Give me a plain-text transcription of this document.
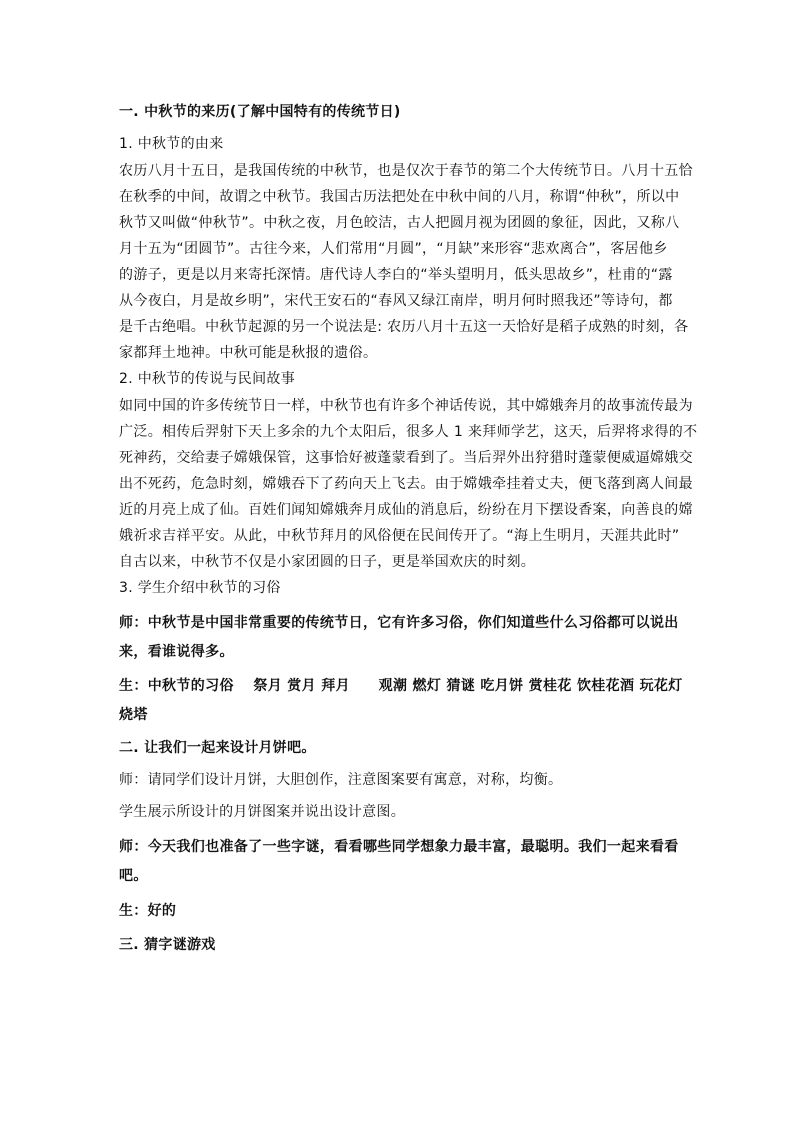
一. 中秋节的来历(了解中国特有的传统节日)

1. 中秋节的由来

农历八月十五日，是我国传统的中秋节，也是仅次于春节的第二个大传统节日。八月十五恰
在秋季的中间，故谓之中秋节。我国古历法把处在中秋中间的八月，称谓“仲秋”，所以中
秋节又叫做“仲秋节”。中秋之夜，月色皎洁，古人把圆月视为团圆的象征，因此，又称八
月十五为“团圆节”。古往今来，人们常用“月圆”，“月缺”来形容“悲欢离合”，客居他乡
的游子，更是以月来寄托深情。唐代诗人李白的“举头望明月，低头思故乡”，杜甫的“露
从今夜白，月是故乡明”，宋代王安石的“春风又绿江南岸，明月何时照我还”等诗句，都
是千古绝唱。中秋节起源的另一个说法是: 农历八月十五这一天恰好是稻子成熟的时刻，各
家都拜土地神。中秋可能是秋报的遗俗。

2. 中秋节的传说与民间故事

如同中国的许多传统节日一样，中秋节也有许多个神话传说，其中嫦娥奔月的故事流传最为
广泛。相传后羿射下天上多余的九个太阳后，很多人 1 来拜师学艺，这天，后羿将求得的不
死神药，交给妻子嫦娥保管，这事恰好被蓬蒙看到了。当后羿外出狩猎时蓬蒙便威逼嫦娥交
出不死药，危急时刻，嫦娥吞下了药向天上飞去。由于嫦娥牵挂着丈夫，便飞落到离人间最
近的月亮上成了仙。百姓们闻知嫦娥奔月成仙的消息后，纷纷在月下摆设香案，向善良的嫦
娥祈求吉祥平安。从此，中秋节拜月的风俗便在民间传开了。“海上生明月，天涯共此时”
自古以来，中秋节不仅是小家团圆的日子，更是举国欢庆的时刻。

3. 学生介绍中秋节的习俗

师：中秋节是中国非常重要的传统节日，它有许多习俗，你们知道些什么习俗都可以说出
来，看谁说得多。
生：中秋节的习俗　 祭月 赏月 拜月　　观潮 燃灯 猜谜 吃月饼 赏桂花 饮桂花酒 玩花灯
烧塔

二. 让我们一起来设计月饼吧。

师：请同学们设计月饼，大胆创作，注意图案要有寓意，对称，均衡。

学生展示所设计的月饼图案并说出设计意图。

师：今天我们也准备了一些字谜，看看哪些同学想象力最丰富，最聪明。我们一起来看看
吧。

生：好的

三. 猜字谜游戏
